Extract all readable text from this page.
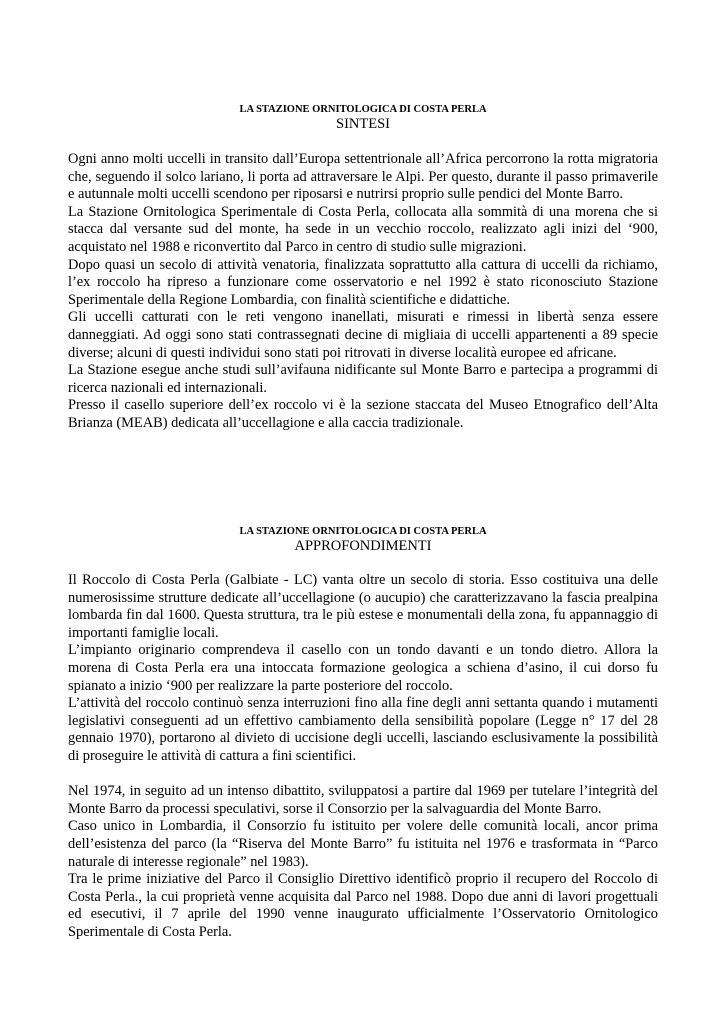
LA STAZIONE ORNITOLOGICA DI COSTA PERLA

SINTESI

Ogni anno molti uccelli in transito dall’Europa settentrionale all’Africa percorrono la rotta migratoria che, seguendo il solco lariano, li porta ad attraversare le Alpi. Per questo, durante il passo primaverile e autunnale molti uccelli scendono per riposarsi e nutrirsi proprio sulle pendici del Monte Barro.

La Stazione Ornitologica Sperimentale di Costa Perla, collocata alla sommità di una morena che si stacca dal versante sud del monte, ha sede in un vecchio roccolo, realizzato agli inizi del ‘900, acquistato nel 1988 e riconvertito dal Parco in centro di studio sulle migrazioni.

Dopo quasi un secolo di attività venatoria, finalizzata soprattutto alla cattura di uccelli da richiamo, l’ex roccolo ha ripreso a funzionare come osservatorio e nel 1992 è stato riconosciuto Stazione Sperimentale della Regione Lombardia, con finalità scientifiche e didattiche.

Gli uccelli catturati con le reti vengono inanellati, misurati e rimessi in libertà senza essere danneggiati. Ad oggi sono stati contrassegnati decine di migliaia di uccelli appartenenti a 89 specie diverse; alcuni di questi individui sono stati poi ritrovati in diverse località europee ed africane.

La Stazione esegue anche studi sull’avifauna nidificante sul Monte Barro e partecipa a programmi di ricerca nazionali ed internazionali.

Presso il casello superiore dell’ex roccolo vi è la sezione staccata del Museo Etnografico dell’Alta Brianza (MEAB) dedicata all’uccellagione e alla caccia tradizionale.

LA STAZIONE ORNITOLOGICA DI COSTA PERLA

APPROFONDIMENTI

Il Roccolo di Costa Perla (Galbiate - LC) vanta oltre un secolo di storia. Esso costituiva una delle numerosissime strutture dedicate all’uccellagione (o aucupio) che caratterizzavano la fascia prealpina lombarda fin dal 1600. Questa struttura, tra le più estese e monumentali della zona, fu appannaggio di importanti famiglie locali.

L’impianto originario comprendeva il casello con un tondo davanti e un tondo dietro. Allora la morena di Costa Perla era una intoccata formazione geologica a schiena d’asino, il cui dorso fu spianato a inizio ‘900 per realizzare la parte posteriore del roccolo.

L’attività del roccolo continuò senza interruzioni fino alla fine degli anni settanta quando i mutamenti legislativi conseguenti ad un effettivo cambiamento della sensibilità popolare (Legge n° 17 del 28 gennaio 1970), portarono al divieto di uccisione degli uccelli, lasciando esclusivamente la possibilità di proseguire le attività di cattura a fini scientifici.

Nel 1974, in seguito ad un intenso dibattito, sviluppatosi a partire dal 1969 per tutelare l’integrità del Monte Barro da processi speculativi, sorse il Consorzio per la salvaguardia del Monte Barro.

Caso unico in Lombardia, il Consorzio fu istituito per volere delle comunità locali, ancor prima dell’esistenza del parco (la “Riserva del Monte Barro” fu istituita nel 1976 e trasformata in “Parco naturale di interesse regionale” nel 1983).

Tra le prime iniziative del Parco il Consiglio Direttivo identificò proprio il recupero del Roccolo di Costa Perla., la cui proprietà venne acquisita dal Parco nel 1988. Dopo due anni di lavori progettuali ed esecutivi, il 7 aprile del 1990 venne inaugurato ufficialmente l’Osservatorio Ornitologico Sperimentale di Costa Perla.
